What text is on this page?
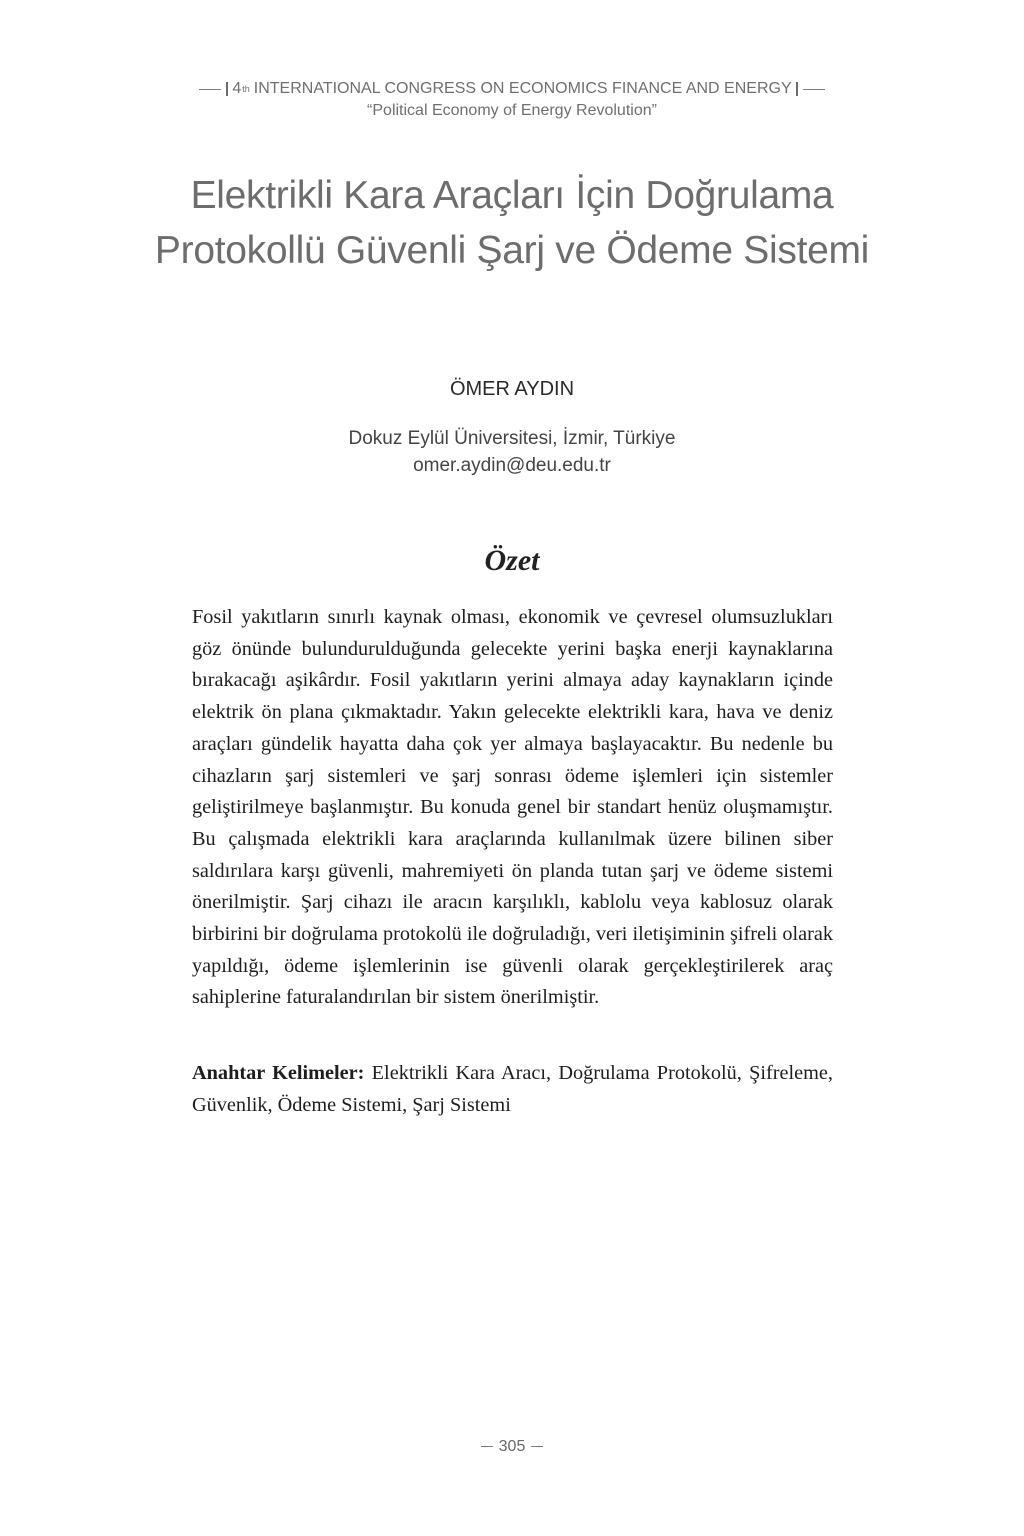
4 th INTERNATIONAL CONGRESS ON ECONOMICS FINANCE AND ENERGY
“Political Economy of Energy Revolution”
Elektrikli Kara Araçları İçin Doğrulama Protokollü Güvenli Şarj ve Ödeme Sistemi
ÖMER AYDIN
Dokuz Eylül Üniversitesi, İzmir, Türkiye
omer.aydin@deu.edu.tr
Özet

Fosil yakıtların sınırlı kaynak olması, ekonomik ve çevresel olumsuzlukları göz önünde bulundurulduğunda gelecekte yerini başka enerji kaynaklarına bırakacağı aşikârdır. Fosil yakıtların yerini almaya aday kaynakların içinde elektrik ön plana çıkmaktadır. Yakın gelecekte elektrikli kara, hava ve deniz araçları gündelik hayatta daha çok yer almaya başlayacaktır. Bu nedenle bu cihazların şarj sistemleri ve şarj sonrası ödeme işlemleri için sistemler geliştirilmeye başlanmıştır. Bu konuda genel bir standart henüz oluşmamıştır. Bu çalışmada elektrikli kara araçlarında kullanılmak üzere bilinen siber saldırılara karşı güvenli, mahremiyeti ön planda tutan şarj ve ödeme sistemi önerilmiştir. Şarj cihazı ile aracın karşılıklı, kablolu veya kablosuz olarak birbirini bir doğrulama protokolü ile doğruladığı, veri iletişiminin şifreli olarak yapıldığı, ödeme işlemlerinin ise güvenli olarak gerçekleştirilerek araç sahiplerine faturalandırılan bir sistem önerilmiştir.

Anahtar Kelimeler: Elektrikli Kara Aracı, Doğrulama Protokolü, Şifreleme, Güvenlik, Ödeme Sistemi, Şarj Sistemi

305
